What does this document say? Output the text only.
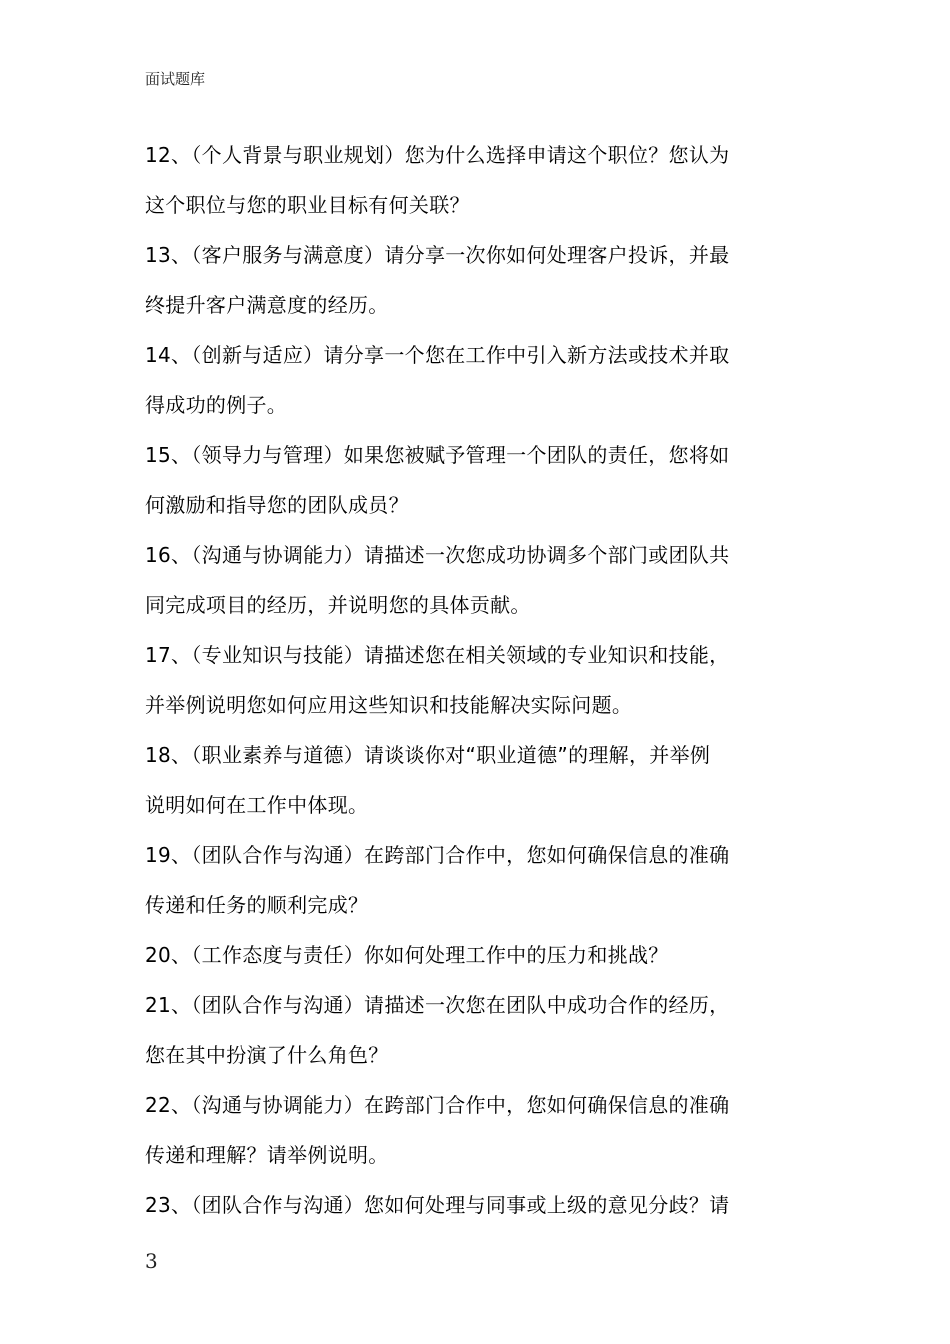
面试题库
12、（个人背景与职业规划）您为什么选择申请这个职位？您认为
这个职位与您的职业目标有何关联？
13、（客户服务与满意度）请分享一次你如何处理客户投诉，并最
终提升客户满意度的经历。
14、（创新与适应）请分享一个您在工作中引入新方法或技术并取
得成功的例子。
15、（领导力与管理）如果您被赋予管理一个团队的责任，您将如
何激励和指导您的团队成员？
16、（沟通与协调能力）请描述一次您成功协调多个部门或团队共
同完成项目的经历，并说明您的具体贡献。
17、（专业知识与技能）请描述您在相关领域的专业知识和技能，
并举例说明您如何应用这些知识和技能解决实际问题。
18、（职业素养与道德）请谈谈你对“职业道德”的理解，并举例
说明如何在工作中体现。
19、（团队合作与沟通）在跨部门合作中，您如何确保信息的准确
传递和任务的顺利完成？
20、（工作态度与责任）你如何处理工作中的压力和挑战？
21、（团队合作与沟通）请描述一次您在团队中成功合作的经历，
您在其中扮演了什么角色？
22、（沟通与协调能力）在跨部门合作中，您如何确保信息的准确
传递和理解？请举例说明。
23、（团队合作与沟通）您如何处理与同事或上级的意见分歧？请
3
